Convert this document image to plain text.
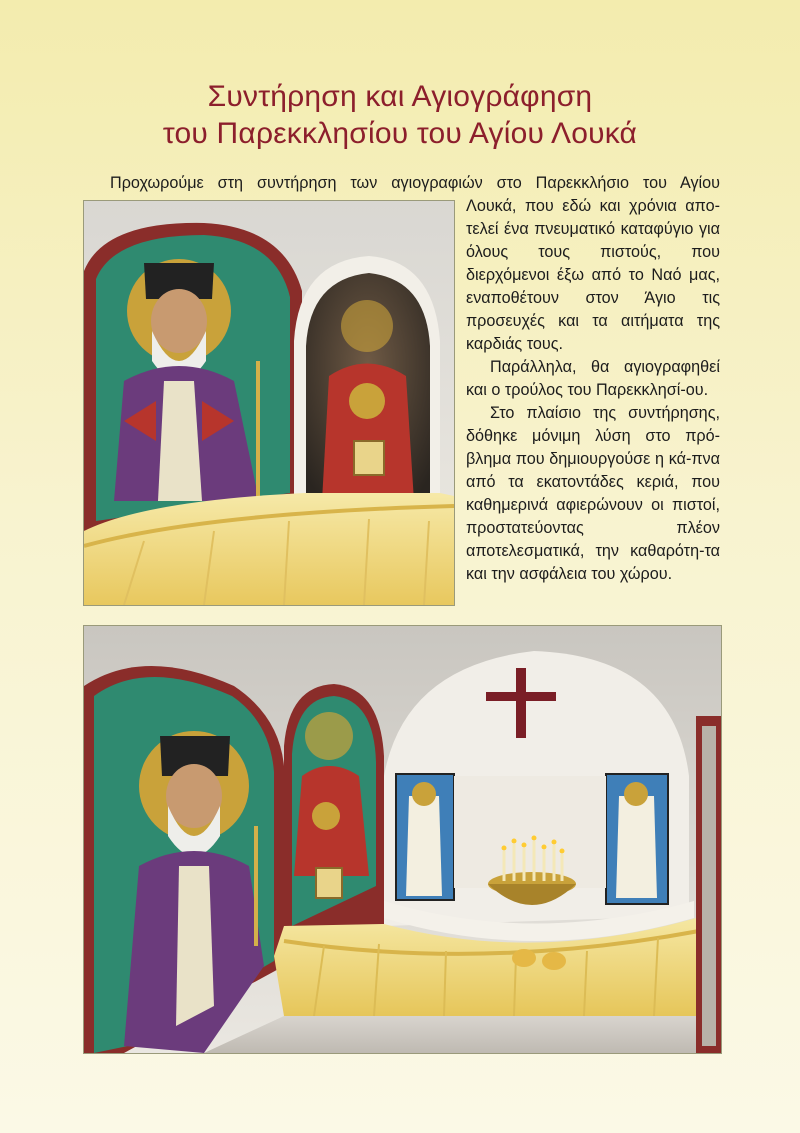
Συντήρηση και Αγιογράφηση
του Παρεκκλησίου του Αγίου Λουκά

Προχωρούμε στη συντήρηση των αγιογραφιών στο Παρεκκλήσιο του Αγίου

Λουκά, που εδώ και χρόνια απο-τελεί ένα πνευματικό καταφύγιο για όλους τους πιστούς, που διερχόμενοι έξω από το Ναό μας, εναποθέτουν στον Άγιο τις προσευχές και τα αιτήματα της καρδιάς τους.

Παράλληλα, θα αγιογραφηθεί και ο τρούλος του Παρεκκλησί-ου.

Στο πλαίσιο της συντήρησης, δόθηκε μόνιμη λύση στο πρό-βλημα που δημιουργούσε η κά-πνα από τα εκατοντάδες κεριά, που καθημερινά αφιερώνουν οι πιστοί, προστατεύοντας πλέον αποτελεσματικά, την καθαρότη-τα και την ασφάλεια του χώρου.
